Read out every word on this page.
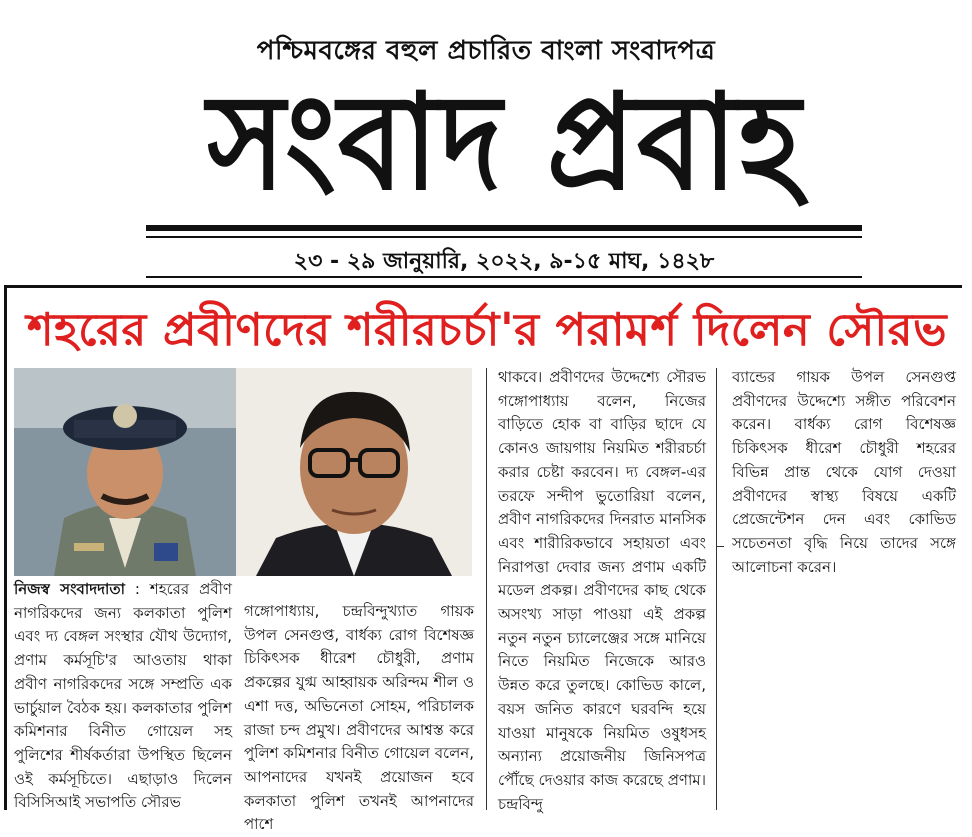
পশ্চিমবঙ্গের বহুল প্রচারিত বাংলা সংবাদপত্র
সংবাদ প্রবাহ
২৩ - ২৯ জানুয়ারি, ২০২২, ৯-১৫ মাঘ, ১৪২৮
শহরের প্রবীণদের শরীরচর্চা'র পরামর্শ দিলেন সৌরভ

নিজস্ব সংবাদদাতা : শহরের প্রবীণ নাগরিকদের জন্য কলকাতা পুলিশ এবং দ্য বেঙ্গল সংস্থার যৌথ উদ্যোগ, প্রণাম কর্মসূচি'র আওতায় থাকা প্রবীণ নাগরিকদের সঙ্গে সম্প্রতি এক ভার্চুয়াল বৈঠক হয়। কলকাতার পুলিশ কমিশনার বিনীত গোয়েল সহ পুলিশের শীর্ষকর্তারা উপস্থিত ছিলেন ওই কর্মসূচিতে। এছাড়াও দিলেন বিসিসিআই সভাপতি সৌরভ

গঙ্গোপাধ্যায়, চন্দ্রবিন্দুখ্যাত গায়ক উপল সেনগুপ্ত, বার্ধক্য রোগ বিশেষজ্ঞ চিকিৎসক ধীরেশ চৌধুরী, প্রণাম প্রকল্পের যুগ্ম আহ্বায়ক অরিন্দম শীল ও এশা দত্ত, অভিনেতা সোহম, পরিচালক রাজা চন্দ প্রমুখ। প্রবীণদের আশ্বস্ত করে পুলিশ কমিশনার বিনীত গোয়েল বলেন, আপনাদের যখনই প্রয়োজন হবে কলকাতা পুলিশ তখনই আপনাদের পাশে

থাকবে। প্রবীণদের উদ্দেশ্যে সৌরভ গঙ্গোপাধ্যায় বলেন, নিজের বাড়িতে হোক বা বাড়ির ছাদে যে কোনও জায়গায় নিয়মিত শরীরচর্চা করার চেষ্টা করবেন। দ্য বেঙ্গল-এর তরফে সন্দীপ ভুতোরিয়া বলেন, প্রবীণ নাগরিকদের দিনরাত মানসিক এবং শারীরিকভাবে সহায়তা এবং নিরাপত্তা দেবার জন্য প্রণাম একটি মডেল প্রকল্প। প্রবীণদের কাছ থেকে অসংখ্য সাড়া পাওয়া এই প্রকল্প নতুন নতুন চ্যালেঞ্জের সঙ্গে মানিয়ে নিতে নিয়মিত নিজেকে আরও উন্নত করে তুলছে। কোভিড কালে, বয়স জনিত কারণে ঘরবন্দি হয়ে যাওয়া মানুষকে নিয়মিত ওষুধসহ অন্যান্য প্রয়োজনীয় জিনিসপত্র পৌঁছে দেওয়ার কাজ করেছে প্রণাম। চন্দ্রবিন্দু

ব্যান্ডের গায়ক উপল সেনগুপ্ত প্রবীণদের উদ্দেশ্যে সঙ্গীত পরিবেশন করেন। বার্ধক্য রোগ বিশেষজ্ঞ চিকিৎসক ধীরেশ চৌধুরী শহরের বিভিন্ন প্রান্ত থেকে যোগ দেওয়া প্রবীণদের স্বাস্থ্য বিষয়ে একটি প্রেজেন্টেশন দেন এবং কোভিড সচেতনতা বৃদ্ধি নিয়ে তাদের সঙ্গে আলোচনা করেন।
